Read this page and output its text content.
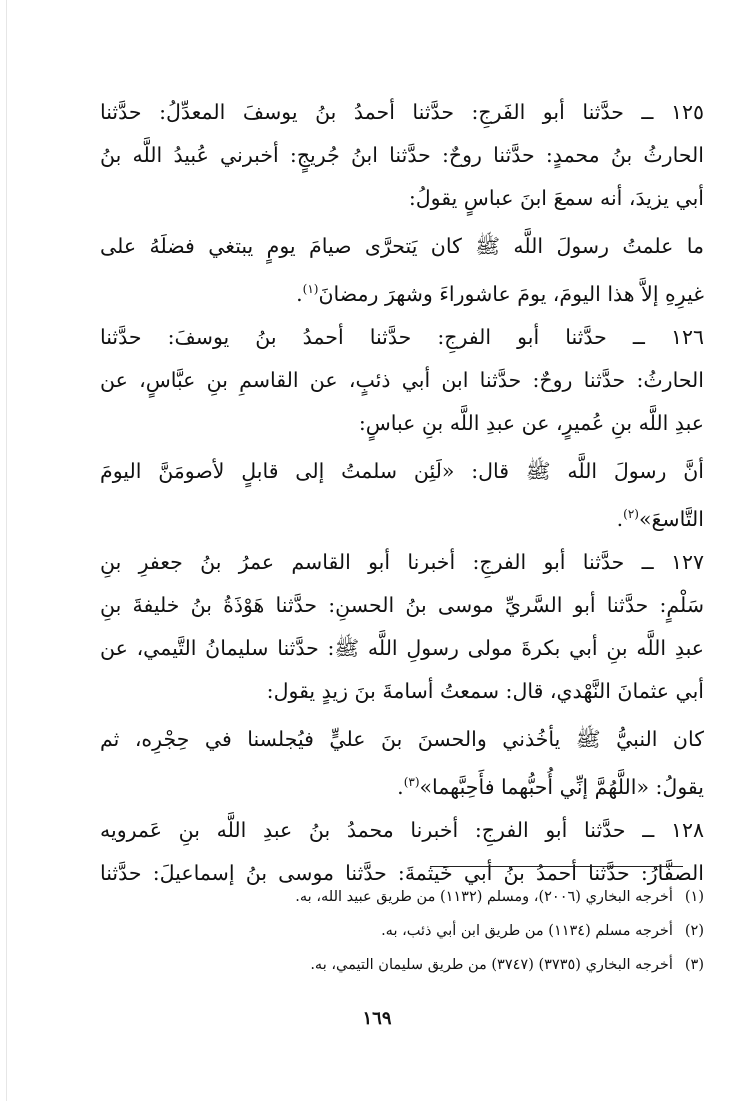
١٢٥ ــ حدَّثنا أبو الفَرجِ: حدَّثنا أحمدُ بنُ يوسفَ المعدِّلُ: حدَّثنا
الحارثُ بنُ محمدٍ: حدَّثنا روحٌ: حدَّثنا ابنُ جُريجٍ: أخبرني عُبيدُ اللَّه بنُ
أبي يزيدَ، أنه سمعَ ابنَ عباسٍ يقولُ:
ما علمتُ رسولَ اللَّه ﷺ كان يَتحرَّى صيامَ يومٍ يبتغي فضلَهُ على
غيرِهِ إلاَّ هذا اليومَ، يومَ عاشوراءَ وشهرَ رمضانَ$^{(١)}$.
١٢٦ ــ حدَّثنا أبو الفرجِ: حدَّثنا أحمدُ بنُ يوسفَ: حدَّثنا
الحارثُ: حدَّثنا روحٌ: حدَّثنا ابن أبي ذئبٍ، عن القاسمِ بنِ عبَّاسٍ، عن
عبدِ اللَّه بنِ عُميرٍ، عن عبدِ اللَّه بنِ عباسٍ:
أنَّ رسولَ اللَّه ﷺ قال: «لَئِن سلمتُ إلى قابلٍ لأصومَنَّ اليومَ
التَّاسعَ»$^{(٢)}$.
١٢٧ ــ حدَّثنا أبو الفرجِ: أخبرنا أبو القاسم عمرُ بنُ جعفرِ بنِ
سَلْمٍ: حدَّثنا أبو السَّريِّ موسى بنُ الحسنِ: حدَّثنا هَوْذَةُ بنُ خليفةَ بنِ
عبدِ اللَّه بنِ أبي بكرةَ مولى رسولِ اللَّه ﷺ: حدَّثنا سليمانُ التَّيمي، عن
أبي عثمانَ النَّهْدي، قال: سمعتُ أسامةَ بنَ زيدٍ يقول:
كان النبيُّ ﷺ يأخُذني والحسنَ بنَ عليٍّ فيُجلسنا في حِجْرِه، ثم
يقولُ: «اللَّهُمَّ إنِّي أُحبُّهما فأَحِبَّهما»$^{(٣)}$.
١٢٨ ــ حدَّثنا أبو الفرجِ: أخبرنا محمدُ بنُ عبدِ اللَّه بنِ عَمرويه
الصفَّارُ: حدَّثنا أحمدُ بنُ أبي خَيثمةَ: حدَّثنا موسى بنُ إسماعيلَ: حدَّثنا
(١)أخرجه البخاري (٢٠٠٦)، ومسلم (١١٣٢) من طريق عبيد الله، به.
(٢)أخرجه مسلم (١١٣٤) من طريق ابن أبي ذئب، به.
(٣)أخرجه البخاري (٣٧٣٥) (٣٧٤٧) من طريق سليمان التيمي، به.
١٦٩
